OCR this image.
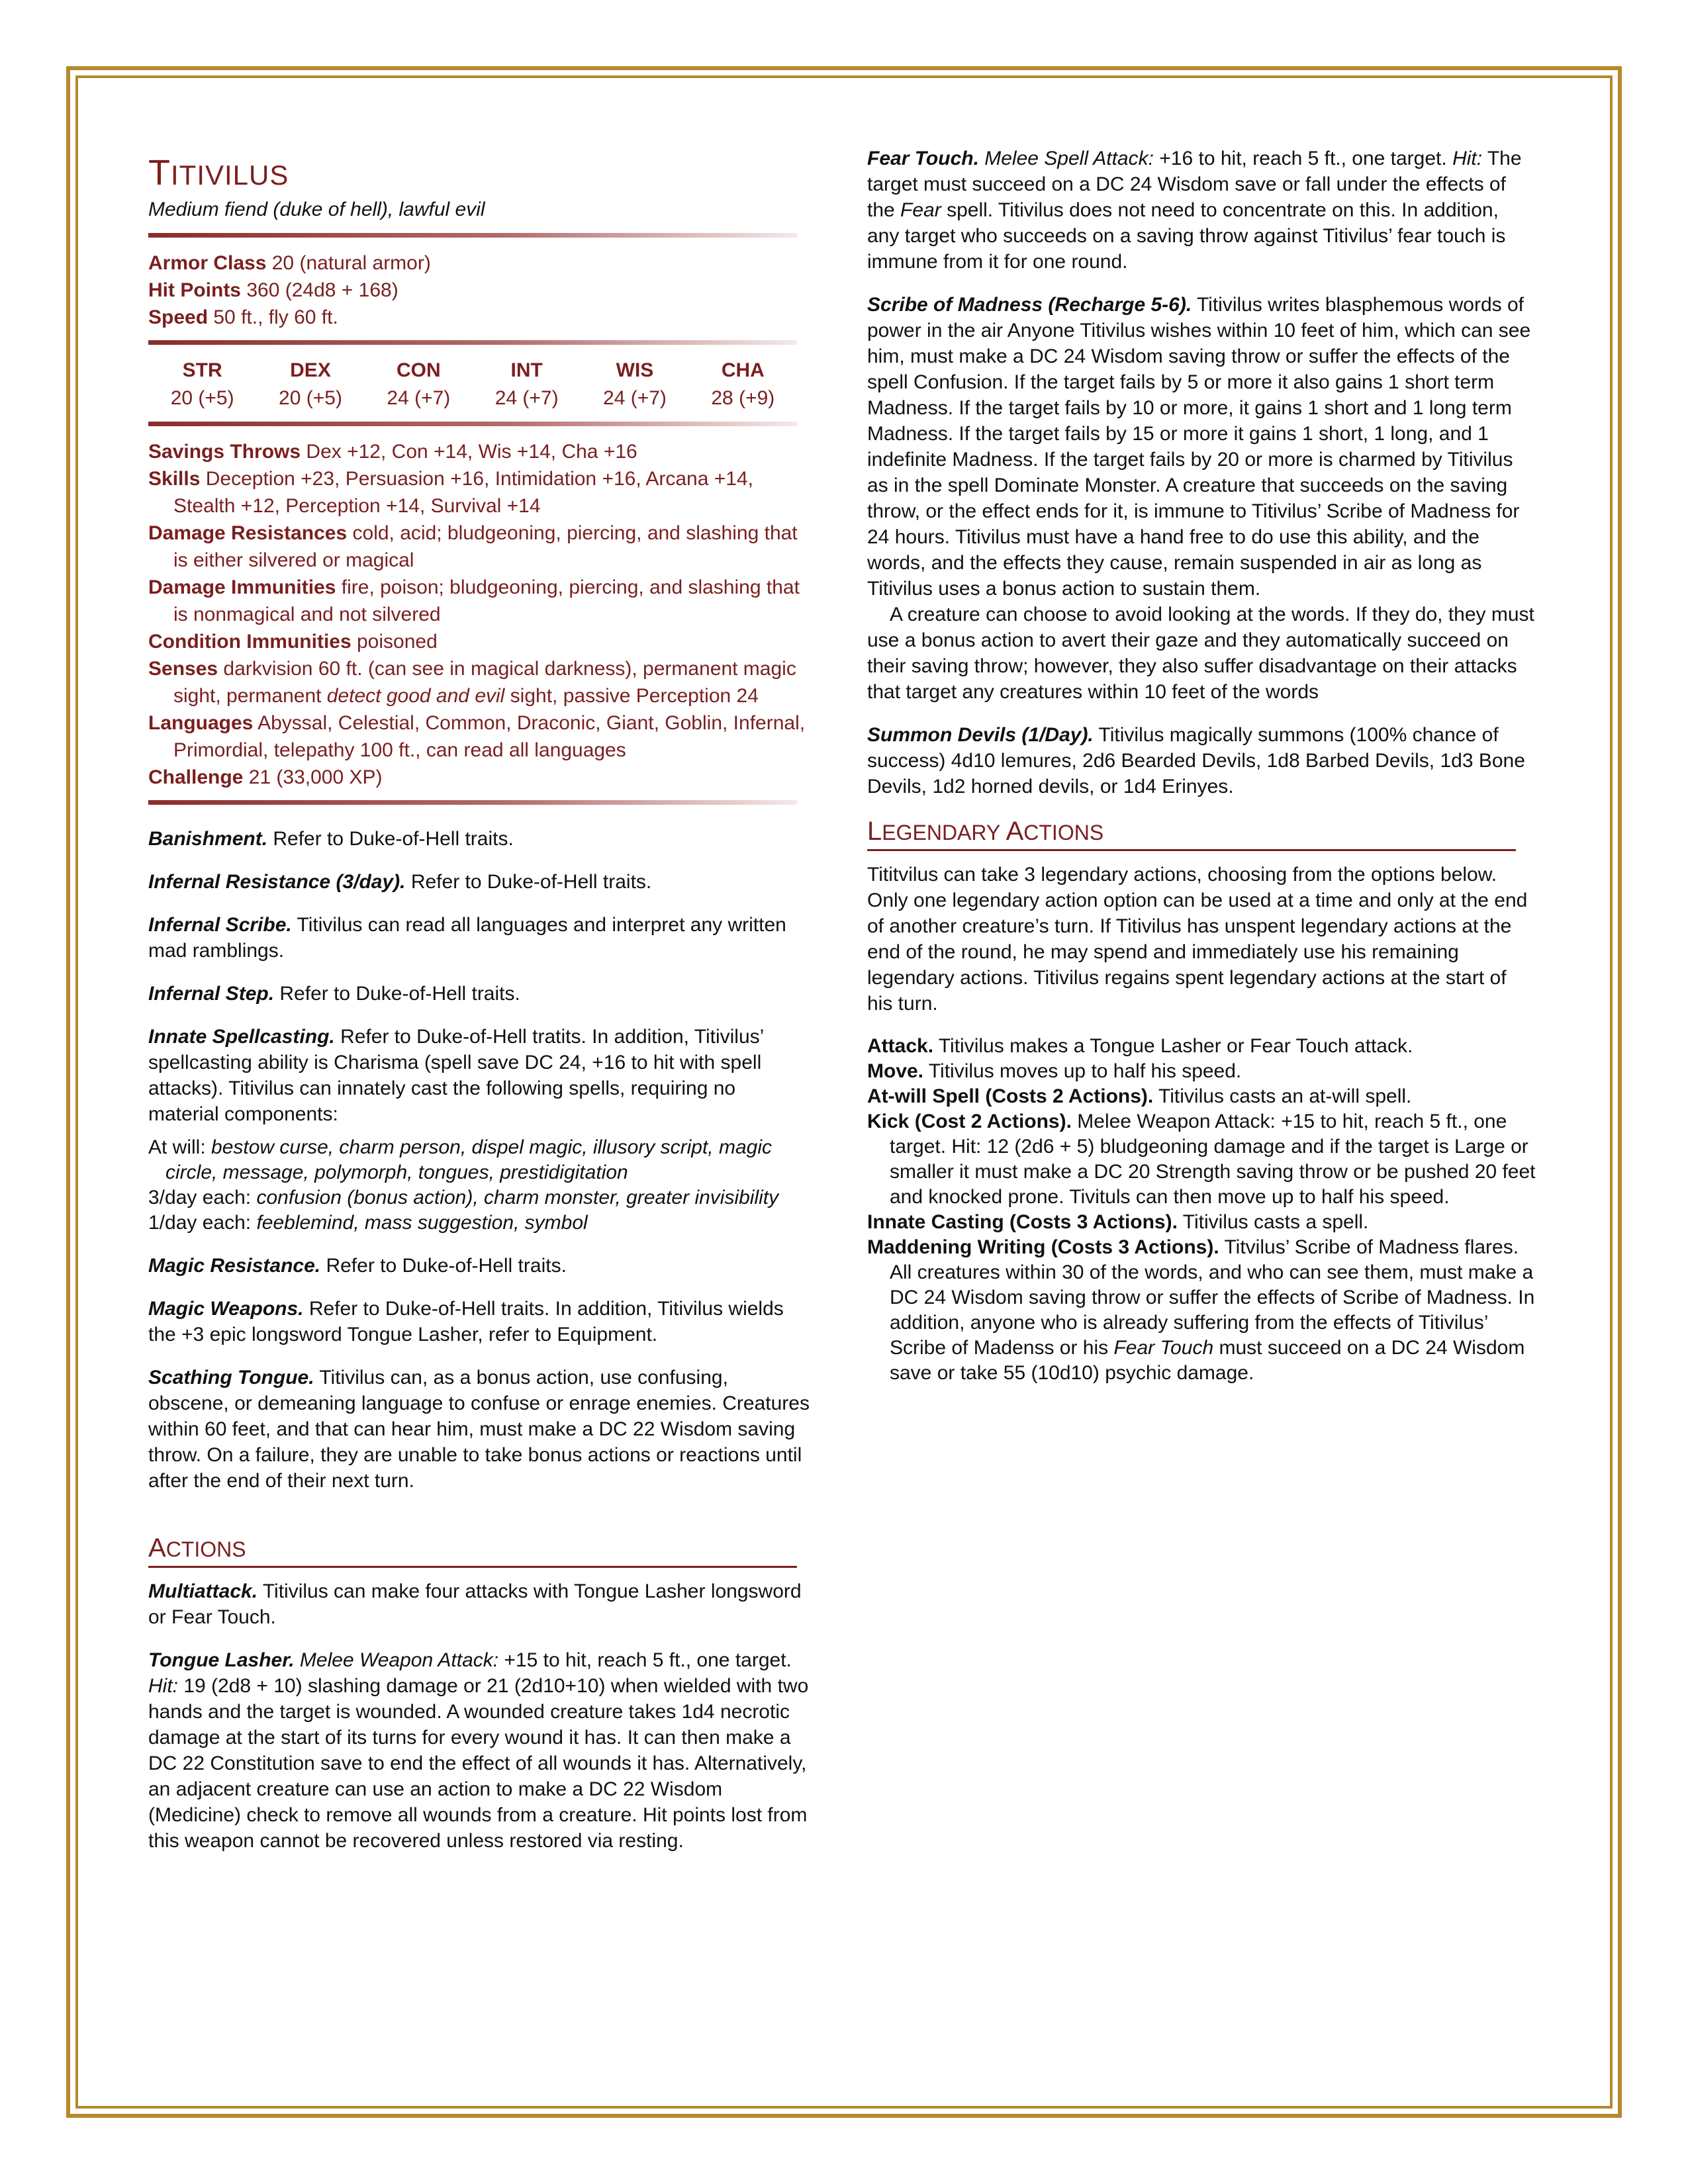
TITIVILUS
Medium fiend (duke of hell), lawful evil
Armor Class 20 (natural armor)
Hit Points 360 (24d8 + 168)
Speed 50 ft., fly 60 ft.
STR	DEX	CON	INT	WIS	CHA
20 (+5)	20 (+5)	24 (+7)	24 (+7)	24 (+7)	28 (+9)
Savings Throws Dex +12, Con +14, Wis +14, Cha +16
Skills Deception +23, Persuasion +16, Intimidation +16, Arcana +14, Stealth +12, Perception +14, Survival +14
Damage Resistances cold, acid; bludgeoning, piercing, and slashing that is either silvered or magical
Damage Immunities fire, poison; bludgeoning, piercing, and slashing that is nonmagical and not silvered
Condition Immunities poisoned
Senses darkvision 60 ft. (can see in magical darkness), permanent magic sight, permanent detect good and evil sight, passive Perception 24
Languages Abyssal, Celestial, Common, Draconic, Giant, Goblin, Infernal, Primordial, telepathy 100 ft., can read all languages
Challenge 21 (33,000 XP)

Banishment. Refer to Duke-of-Hell traits.

Infernal Resistance (3/day). Refer to Duke-of-Hell traits.

Infernal Scribe. Titivilus can read all languages and interpret any written mad ramblings.

Infernal Step. Refer to Duke-of-Hell traits.

Innate Spellcasting. Refer to Duke-of-Hell tratits. In addition, Titivilus’ spellcasting ability is Charisma (spell save DC 24, +16 to hit with spell attacks). Titivilus can innately cast the following spells, requiring no material components:

At will: bestow curse, charm person, dispel magic, illusory script, magic circle, message, polymorph, tongues, prestidigitation
3/day each: confusion (bonus action), charm monster, greater invisibility
1/day each: feeblemind, mass suggestion, symbol

Magic Resistance. Refer to Duke-of-Hell traits.

Magic Weapons. Refer to Duke-of-Hell traits. In addition, Titivilus wields the +3 epic longsword Tongue Lasher, refer to Equipment.

Scathing Tongue. Titivilus can, as a bonus action, use confusing, obscene, or demeaning language to confuse or enrage enemies. Creatures within 60 feet, and that can hear him, must make a DC 22 Wisdom saving throw. On a failure, they are unable to take bonus actions or reactions until after the end of their next turn.

ACTIONS

Multiattack. Titivilus can make four attacks with Tongue Lasher longsword or Fear Touch.

Tongue Lasher. Melee Weapon Attack: +15 to hit, reach 5 ft., one target. Hit: 19 (2d8 + 10) slashing damage or 21 (2d10+10) when wielded with two hands and the target is wounded. A wounded creature takes 1d4 necrotic damage at the start of its turns for every wound it has. It can then make a DC 22 Constitution save to end the effect of all wounds it has. Alternatively, an adjacent creature can use an action to make a DC 22 Wisdom (Medicine) check to remove all wounds from a creature. Hit points lost from this weapon cannot be recovered unless restored via resting.

Fear Touch. Melee Spell Attack: +16 to hit, reach 5 ft., one target. Hit: The target must succeed on a DC 24 Wisdom save or fall under the effects of the Fear spell. Titivilus does not need to concentrate on this. In addition, any target who succeeds on a saving throw against Titivilus’ fear touch is immune from it for one round.

Scribe of Madness (Recharge 5-6). Titivilus writes blasphemous words of power in the air Anyone Titivilus wishes within 10 feet of him, which can see him, must make a DC 24 Wisdom saving throw or suffer the effects of the spell Confusion. If the target fails by 5 or more it also gains 1 short term Madness. If the target fails by 10 or more, it gains 1 short and 1 long term Madness. If the target fails by 15 or more it gains 1 short, 1 long, and 1 indefinite Madness. If the target fails by 20 or more is charmed by Titivilus as in the spell Dominate Monster. A creature that succeeds on the saving throw, or the effect ends for it, is immune to Titivilus’ Scribe of Madness for 24 hours. Titivilus must have a hand free to do use this ability, and the words, and the effects they cause, remain suspended in air as long as Titivilus uses a bonus action to sustain them.

A creature can choose to avoid looking at the words. If they do, they must use a bonus action to avert their gaze and they automatically succeed on their saving throw; however, they also suffer disadvantage on their attacks that target any creatures within 10 feet of the words

Summon Devils (1/Day). Titivilus magically summons (100% chance of success) 4d10 lemures, 2d6 Bearded Devils, 1d8 Barbed Devils, 1d3 Bone Devils, 1d2 horned devils, or 1d4 Erinyes.

LEGENDARY ACTIONS

Tititvilus can take 3 legendary actions, choosing from the options below. Only one legendary action option can be used at a time and only at the end of another creature’s turn. If Titivilus has unspent legendary actions at the end of the round, he may spend and immediately use his remaining legendary actions. Titivilus regains spent legendary actions at the start of his turn.

Attack. Titivilus makes a Tongue Lasher or Fear Touch attack.
Move. Titivilus moves up to half his speed.
At-will Spell (Costs 2 Actions). Titivilus casts an at-will spell.
Kick (Cost 2 Actions). Melee Weapon Attack: +15 to hit, reach 5 ft., one target. Hit: 12 (2d6 + 5) bludgeoning damage and if the target is Large or smaller it must make a DC 20 Strength saving throw or be pushed 20 feet and knocked prone. Tivituls can then move up to half his speed.
Innate Casting (Costs 3 Actions). Titivilus casts a spell.
Maddening Writing (Costs 3 Actions). Titvilus’ Scribe of Madness flares. All creatures within 30 of the words, and who can see them, must make a DC 24 Wisdom saving throw or suffer the effects of Scribe of Madness. In addition, anyone who is already suffering from the effects of Titivilus’ Scribe of Madenss or his Fear Touch must succeed on a DC 24 Wisdom save or take 55 (10d10) psychic damage.
